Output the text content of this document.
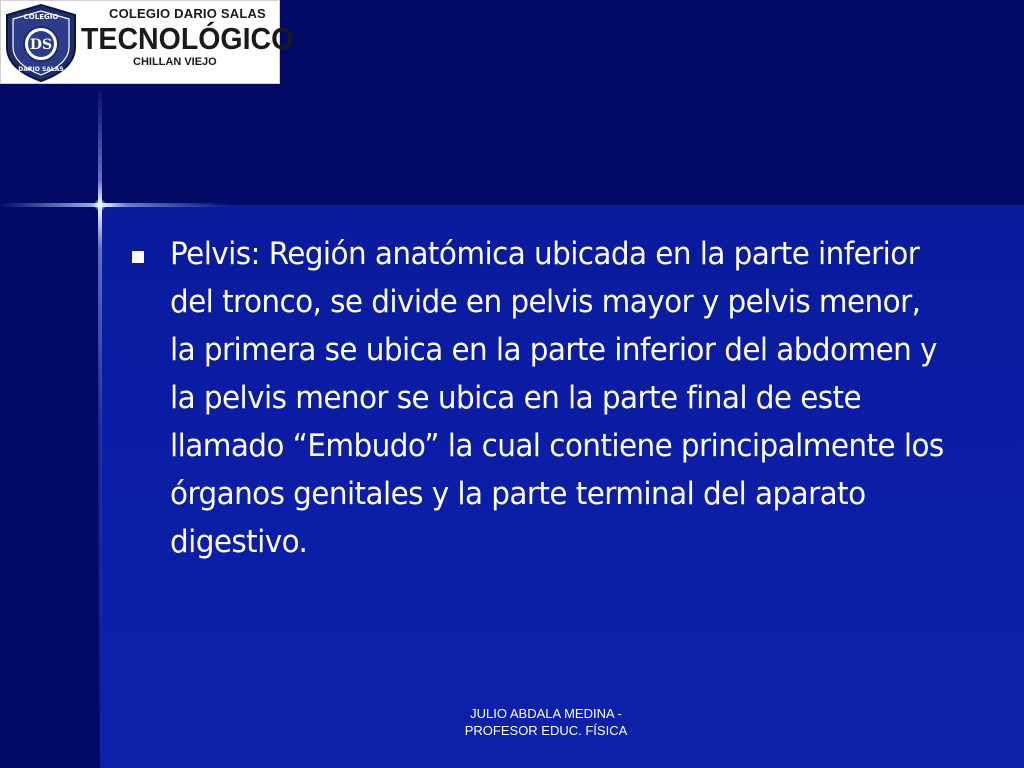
DS
COLEGIO
DARIO SALAS
COLEGIO DARIO SALAS
TECNOLÓGICO
CHILLAN VIEJO
Pelvis: Región anatómica ubicada en la parte inferior del tronco, se divide en pelvis mayor y pelvis menor, la primera se ubica en la parte inferior del abdomen y la pelvis menor se ubica en la parte final de este llamado “Embudo” la cual contiene principalmente los órganos genitales y la parte terminal del aparato digestivo.
JULIO ABDALA MEDINA -
PROFESOR EDUC. FÍSICA
